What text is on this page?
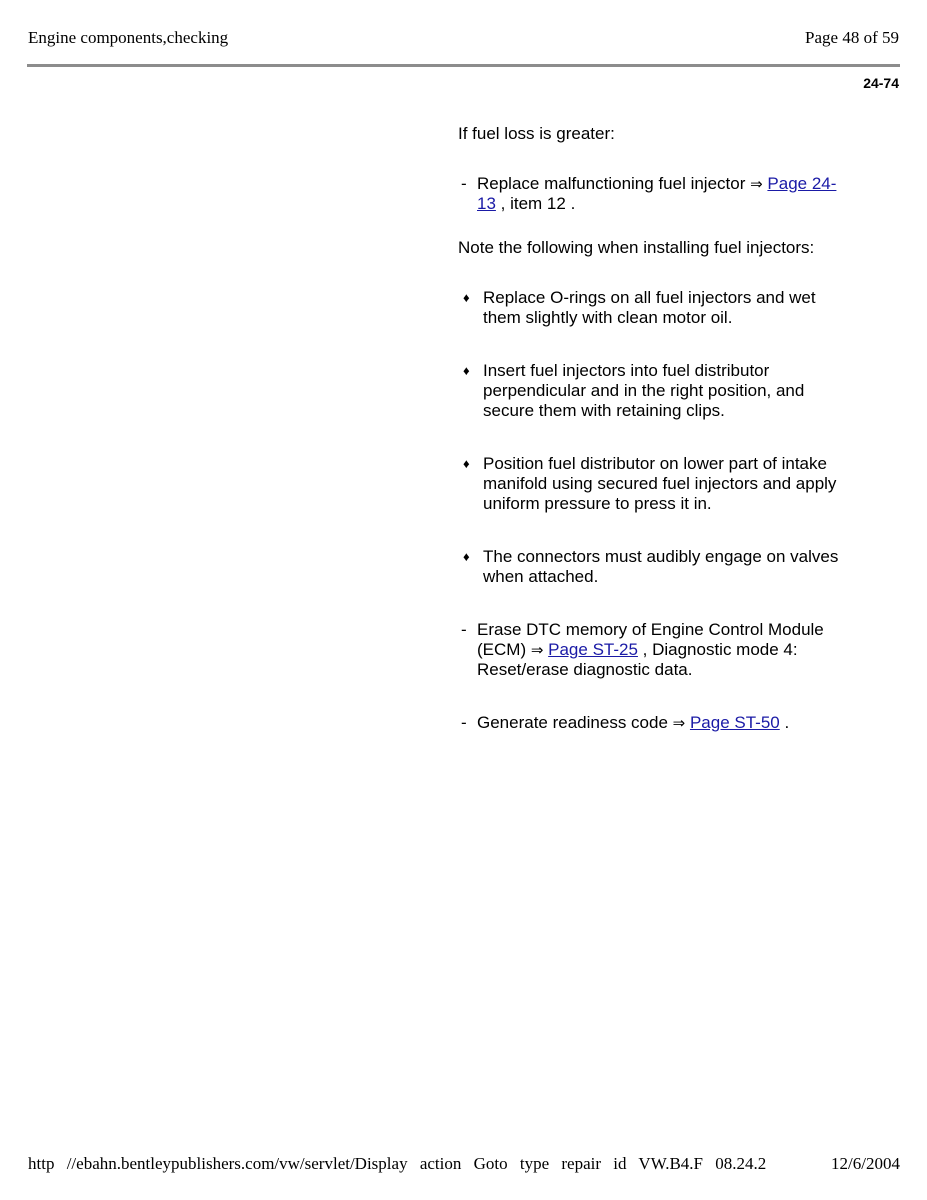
Engine components,checking	Page 48 of 59
24-74

If fuel loss is greater:

- Replace malfunctioning fuel injector ⇒ Page 24-
13 , item 12 .

Note the following when installing fuel injectors:

♦ Replace O-rings on all fuel injectors and wet
them slightly with clean motor oil.
♦ Insert fuel injectors into fuel distributor
perpendicular and in the right position, and
secure them with retaining clips.
♦ Position fuel distributor on lower part of intake
manifold using secured fuel injectors and apply
uniform pressure to press it in.
♦ The connectors must audibly engage on valves
when attached.
- Erase DTC memory of Engine Control Module
(ECM) ⇒ Page ST-25 , Diagnostic mode 4:
Reset/erase diagnostic data.
- Generate readiness code ⇒ Page ST-50 .
http //ebahn.bentleypublishers.com/vw/servlet/Display action Goto type repair id VW.B4.F 08.24.2	12/6/2004
